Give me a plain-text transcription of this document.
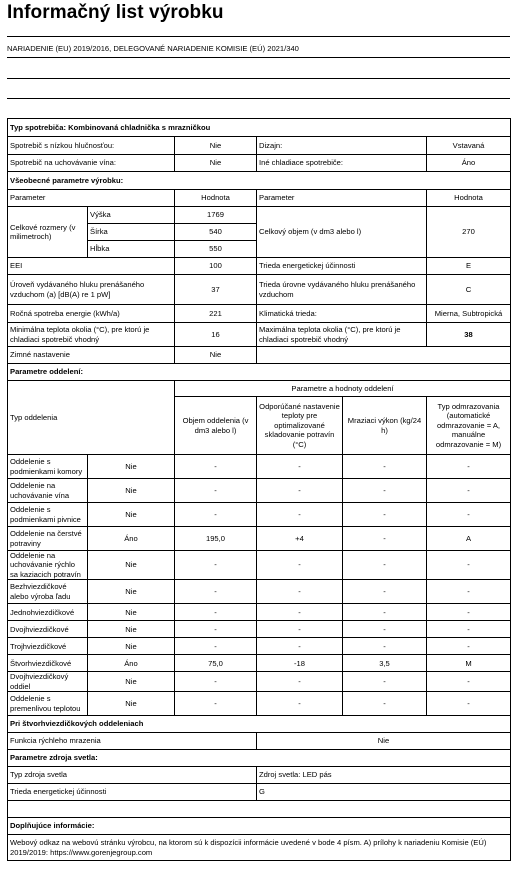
Informačný list výrobku
NARIADENIE (EU) 2019/2016, DELEGOVANÉ NARIADENIE KOMISIE (EÚ) 2021/340
Typ spotrebiča: Kombinovaná chladnička s mrazničkou					
Spotrebič s nízkou hlučnosťou:		Nie	Dizajn:		Vstavaná
Spotrebič na uchovávanie vína:		Nie	Iné chladiace spotrebiče:		Áno
Všeobecné parametre výrobku:					
Parameter		Hodnota	Parameter		Hodnota
Celkové rozmery (v milimetroch)	Výška	1769	Celkový objem (v dm3 alebo l)		270
	Šírka	540			
	Hĺbka	550			
EEI		100	Trieda energetickej účinnosti		E
Úroveň vydávaného hluku prenášaného vzduchom (a) [dB(A) re 1 pW]		37	Trieda úrovne vydávaného hluku prenášaného vzduchom		C
Ročná spotreba energie (kWh/a)		221	Klimatická trieda:		Mierna, Subtropická
Minimálna teplota okolia (°C), pre ktorú je chladiaci spotrebič vhodný		16	Maximálna teplota okolia (°C), pre ktorú je chladiaci spotrebič vhodný		38
Zimné nastavenie		Nie			
Parametre oddelení:					
Typ oddelenia		Parametre a hodnoty oddelení			
		Objem oddelenia (v dm3 alebo l)	Odporúčané nastavenie teploty pre optimalizované skladovanie potravín (°C)	Mraziaci výkon (kg/24 h)	Typ odmrazovania (automatické odmrazovanie = A, manuálne odmrazovanie = M)
Oddelenie s podmienkami komory	Nie	-	-	-	-
Oddelenie na uchovávanie vína	Nie	-	-	-	-
Oddelenie s podmienkami pivnice	Nie	-	-	-	-
Oddelenie na čerstvé potraviny	Áno	195,0	+4	-	A
Oddelenie na uchovávanie rýchlo sa kaziacich potravín	Nie	-	-	-	-
Bezhviezdičkové alebo výroba ľadu	Nie	-	-	-	-
Jednohviezdičkové	Nie	-	-	-	-
Dvojhviezdičkové	Nie	-	-	-	-
Trojhviezdičkové	Nie	-	-	-	-
Štvorhviezdičkové	Áno	75,0	-18	3,5	M
Dvojhviezdičkový oddiel	Nie	-	-	-	-
Oddelenie s premenlivou teplotou	Nie	-	-	-	-
Pri štvorhviezdičkových oddeleniach					
Funkcia rýchleho mrazenia			Nie		
Parametre zdroja svetla:					
Typ zdroja svetla			Zdroj svetla: LED pás		
Trieda energetickej účinnosti			G		

Doplňujúce informácie:					
Webový odkaz na webovú stránku výrobcu, na ktorom sú k dispozícii informácie uvedené v bode 4 písm. A) prílohy k nariadeniu Komisie (EÚ) 2019/2019: https://www.gorenjegroup.com					
